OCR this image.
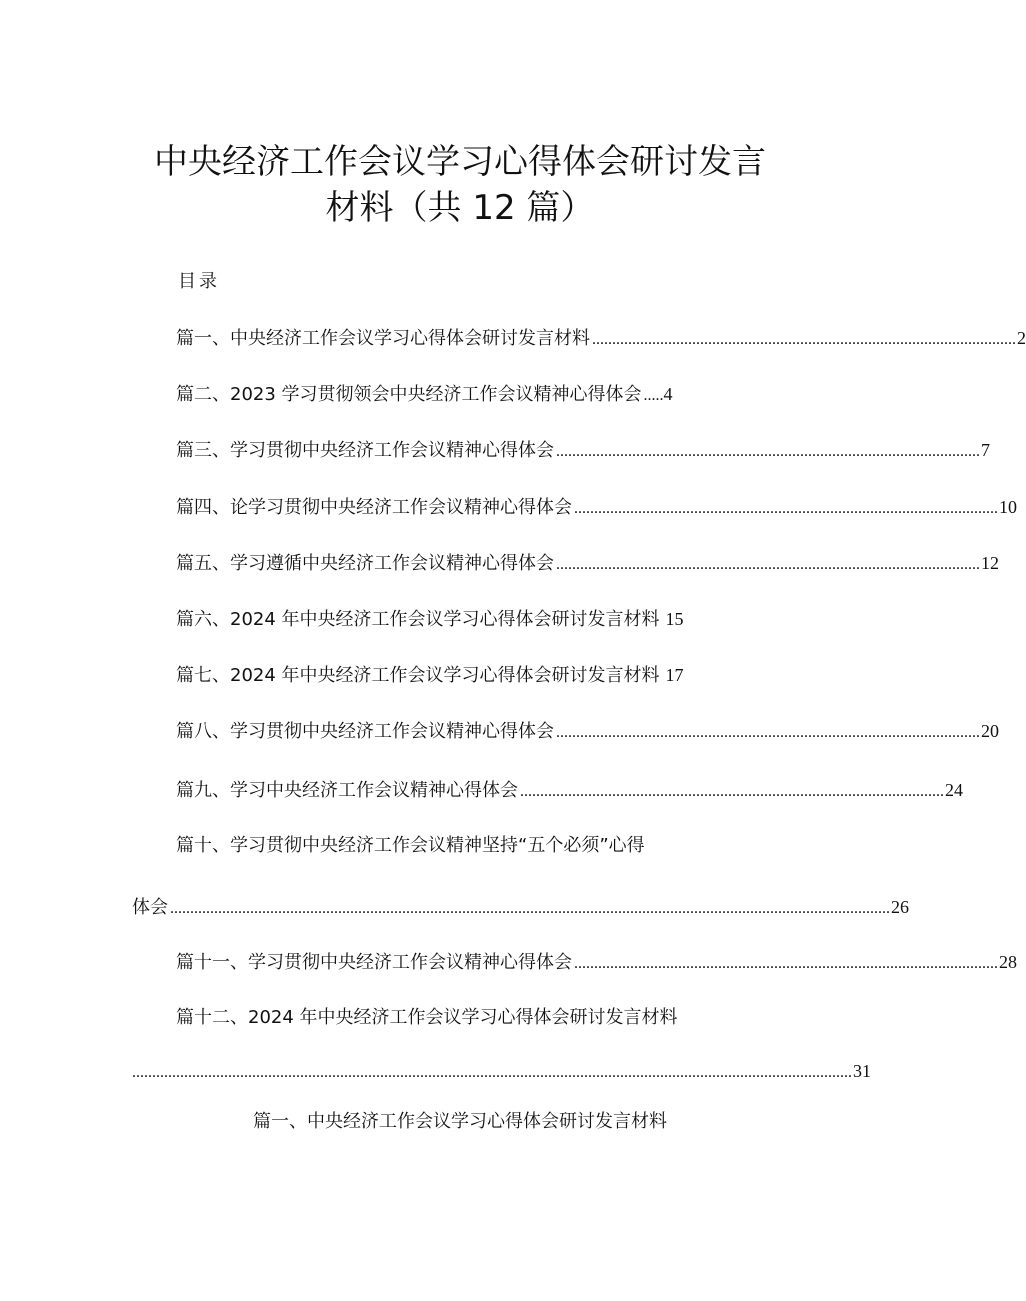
中央经济工作会议学习心得体会研讨发言
材料（共 12 篇）
目录
篇一、中央经济工作会议学习心得体会研讨发言材料 .......................................................................................................... 2
篇二、2023 学习贯彻领会中央经济工作会议精神心得体会 ..... 4
篇三、学习贯彻中央经济工作会议精神心得体会 .......................................................................................................... 7
篇四、论学习贯彻中央经济工作会议精神心得体会 .......................................................................................................... 10
篇五、学习遵循中央经济工作会议精神心得体会 .......................................................................................................... 12
篇六、2024 年中央经济工作会议学习心得体会研讨发言材料 15
篇七、2024 年中央经济工作会议学习心得体会研讨发言材料 17
篇八、学习贯彻中央经济工作会议精神心得体会 .......................................................................................................... 20
篇九、学习中央经济工作会议精神心得体会 .......................................................................................................... 24
篇十、学习贯彻中央经济工作会议精神坚持“五个必须”心得
体会 .................................................................................................................................................................................... 26
篇十一、学习贯彻中央经济工作会议精神心得体会 .......................................................................................................... 28
篇十二、2024 年中央经济工作会议学习心得体会研讨发言材料
.................................................................................................................................................................................... 31
篇一、中央经济工作会议学习心得体会研讨发言材料
